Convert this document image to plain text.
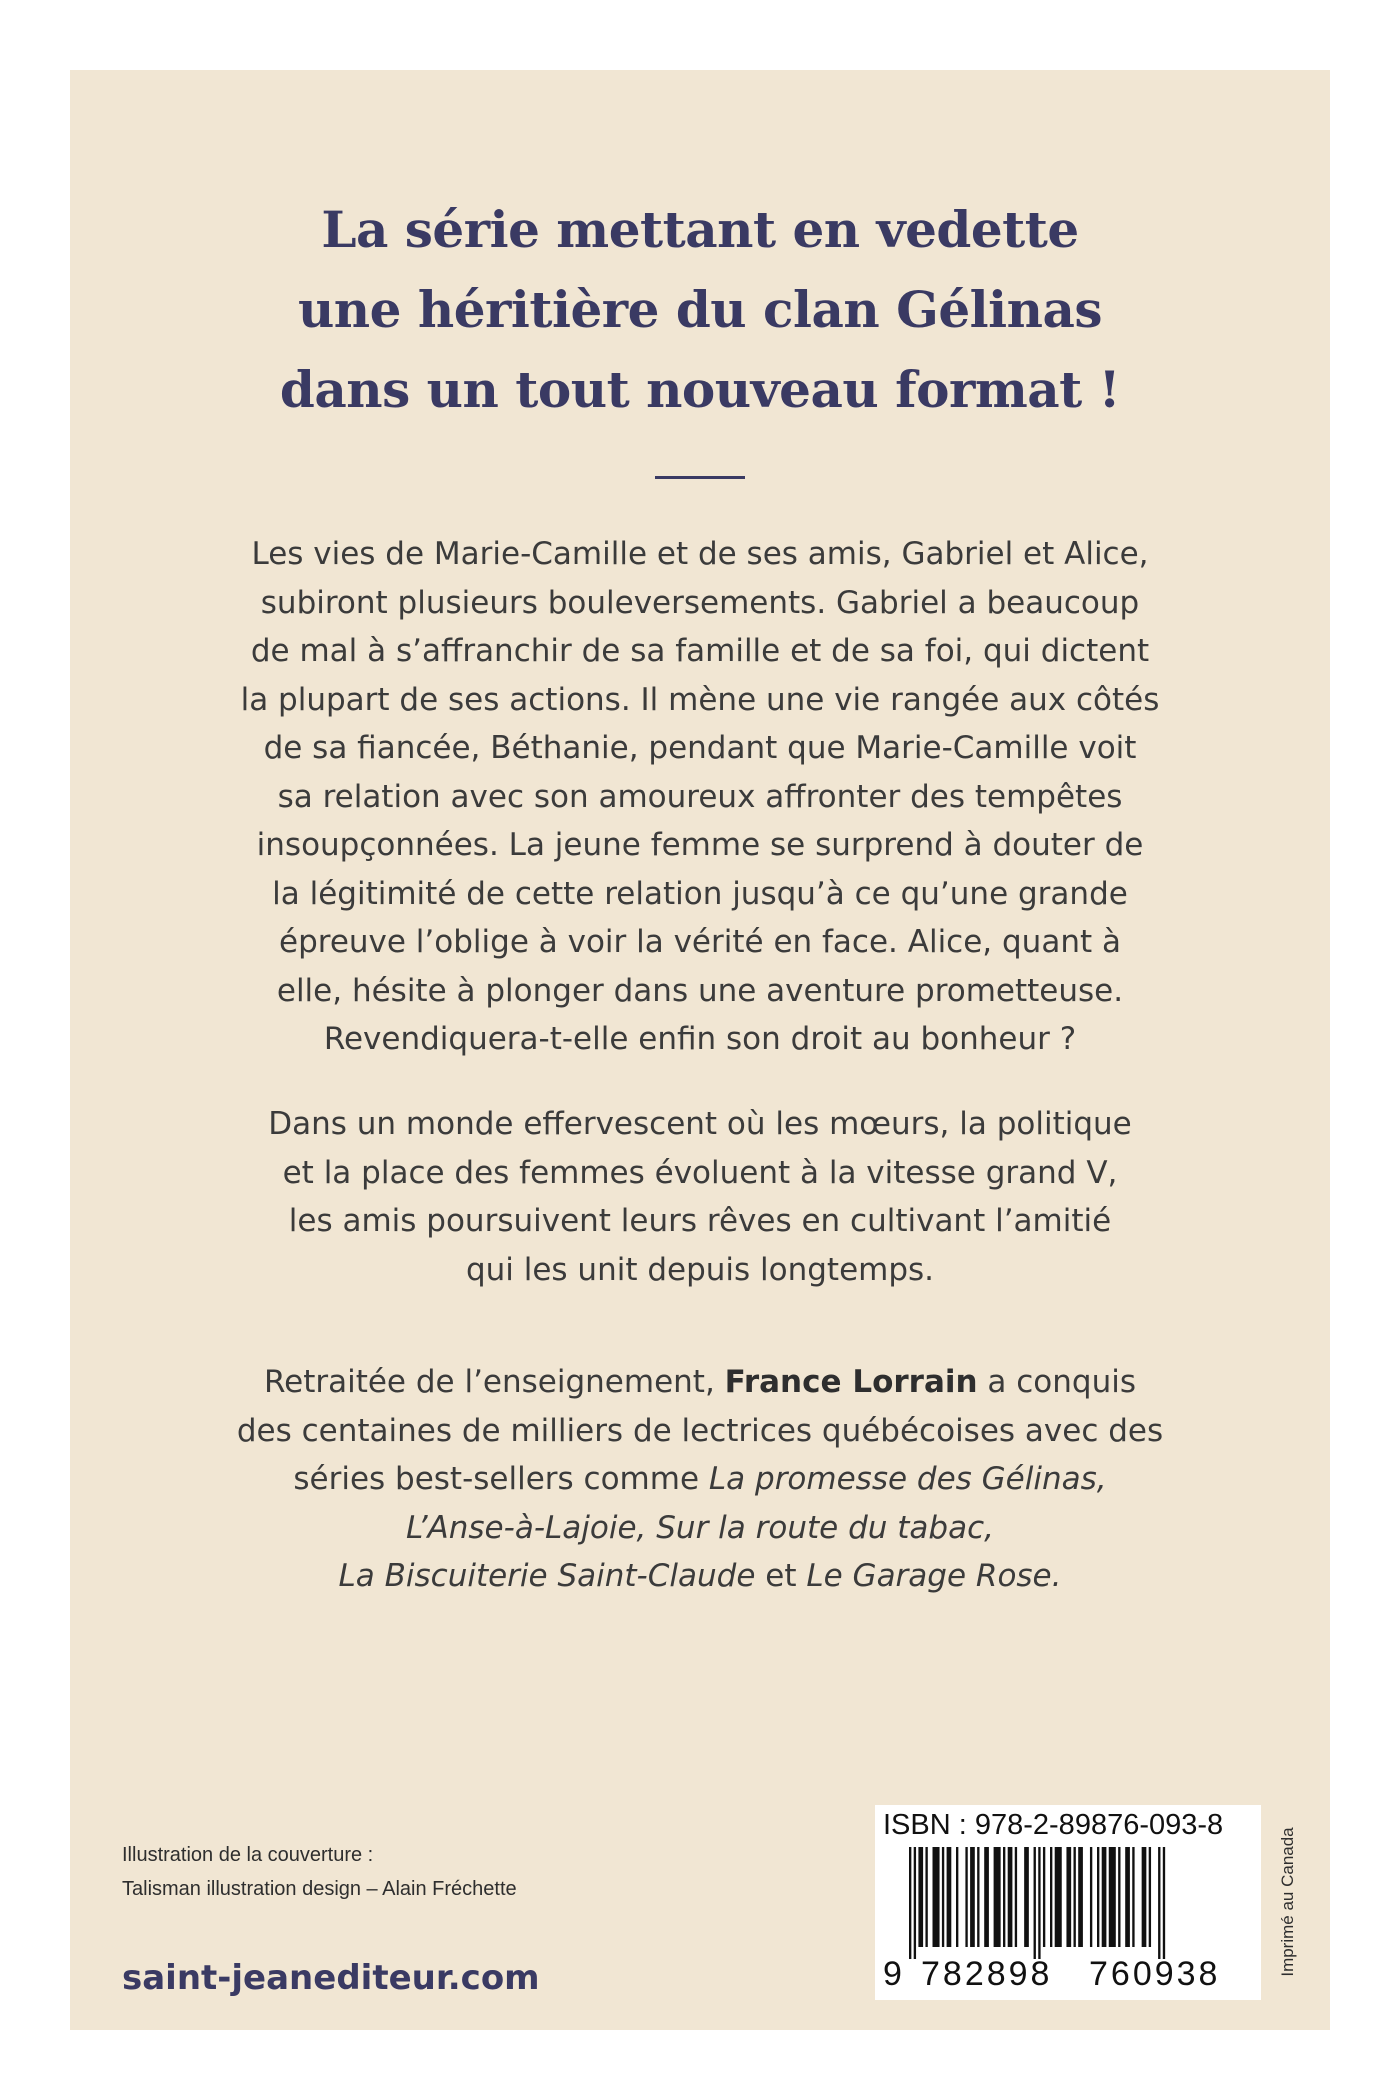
La série mettant en vedette
une héritière du clan Gélinas
dans un tout nouveau format !
Les vies de Marie-Camille et de ses amis, Gabriel et Alice,
subiront plusieurs bouleversements. Gabriel a beaucoup
de mal à s’affranchir de sa famille et de sa foi, qui dictent
la plupart de ses actions. Il mène une vie rangée aux côtés
de sa fiancée, Béthanie, pendant que Marie-Camille voit
sa relation avec son amoureux affronter des tempêtes
insoupçonnées. La jeune femme se surprend à douter de
la légitimité de cette relation jusqu’à ce qu’une grande
épreuve l’oblige à voir la vérité en face. Alice, quant à
elle, hésite à plonger dans une aventure prometteuse.
Revendiquera-t-elle enfin son droit au bonheur ?
Dans un monde effervescent où les mœurs, la politique
et la place des femmes évoluent à la vitesse grand V,
les amis poursuivent leurs rêves en cultivant l’amitié
qui les unit depuis longtemps.
Retraitée de l’enseignement, France Lorrain a conquis
des centaines de milliers de lectrices québécoises avec des
séries best-sellers comme La promesse des Gélinas,
L’Anse-à-Lajoie, Sur la route du tabac,
La Biscuiterie Saint-Claude et Le Garage Rose.
Illustration de la couverture :
Talisman illustration design – Alain Fréchette
saint-jeanediteur.com
ISBN : 978-2-89876-093-8
9 782898 760938	Imprimé au Canada
